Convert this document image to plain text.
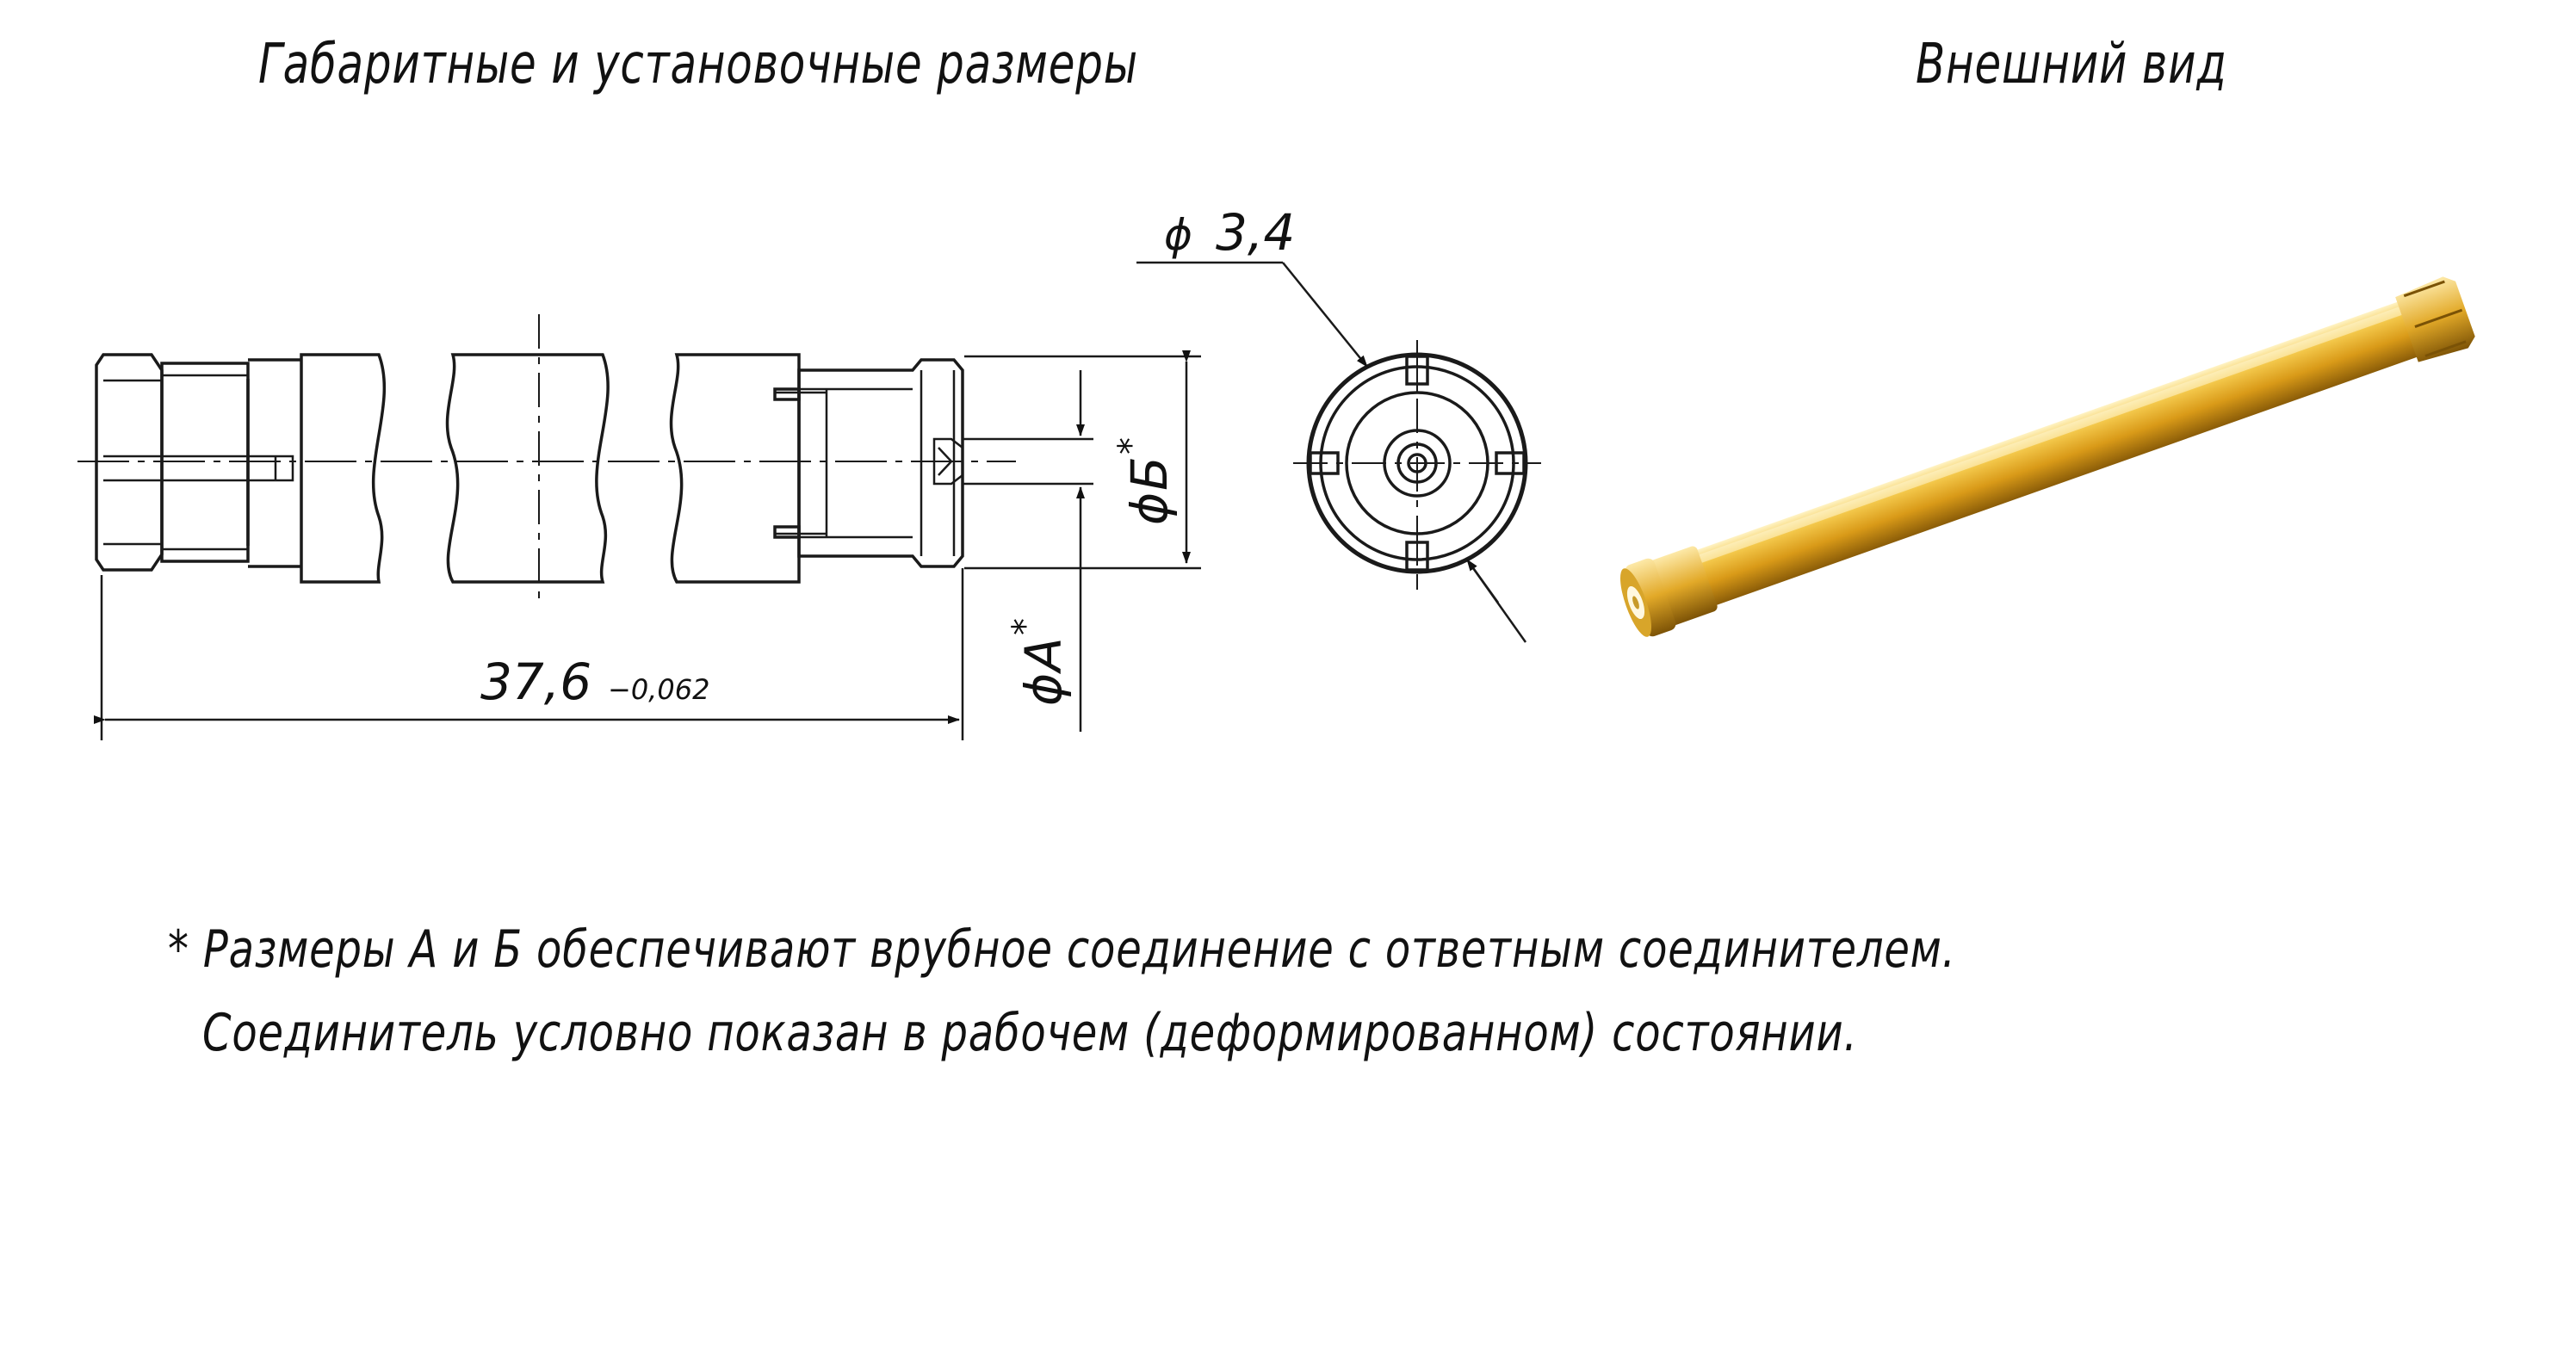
Габаритные и установочные размеры	Внешний вид
37,6 −0,062
ϕ 3,4
ϕ
А
*
ϕ
Б
*
* Размеры А и Б обеспечивают врубное соединение с ответным соединителем.
Соединитель условно показан в рабочем (деформированном) состоянии.
